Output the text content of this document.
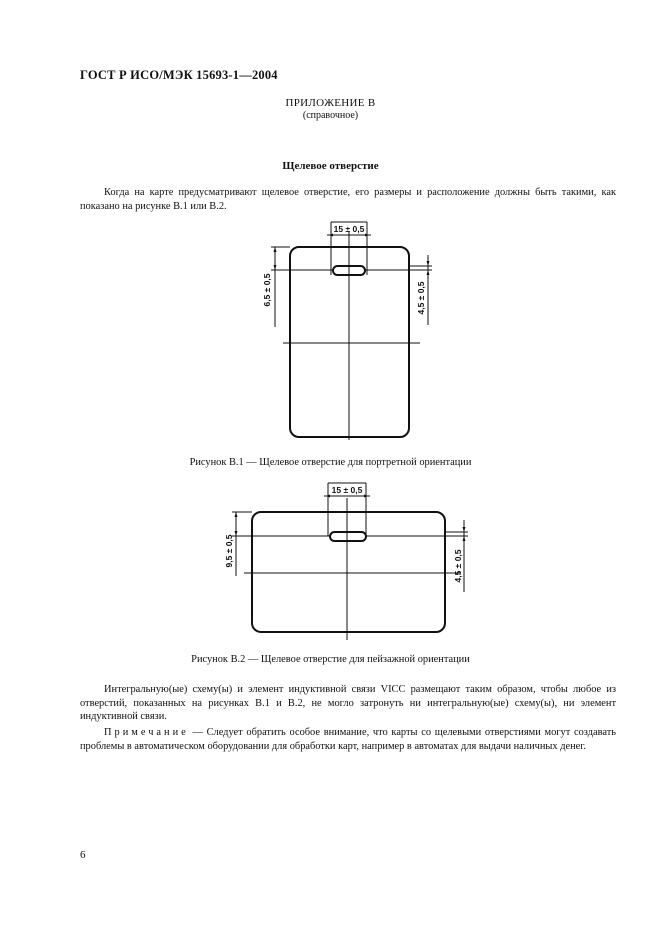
ГОСТ Р ИСО/МЭК 15693-1—2004
ПРИЛОЖЕНИЕ В
(справочное)
Щелевое отверстие
Когда на карте предусматривают щелевое отверстие, его размеры и расположение должны быть такими, как показано на рисунке В.1 или В.2.
15 ± 0,5
6,5 ± 0,5	4,5 ± 0,5
Рисунок В.1 — Щелевое отверстие для портретной ориентации
15 ± 0,5
9,5 ± 0,5	4,5 ± 0,5
Рисунок В.2 — Щелевое отверстие для пейзажной ориентации
Интегральную(ые) схему(ы) и элемент индуктивной связи VICC размещают таким образом, чтобы любое из отверстий, показанных на рисунках В.1 и В.2, не могло затронуть ни интегральную(ые) схему(ы), ни элемент индуктивной связи.
Примечание — Следует обратить особое внимание, что карты со щелевыми отверстиями могут создавать проблемы в автоматическом оборудовании для обработки карт, например в автоматах для выдачи наличных денег.
6
